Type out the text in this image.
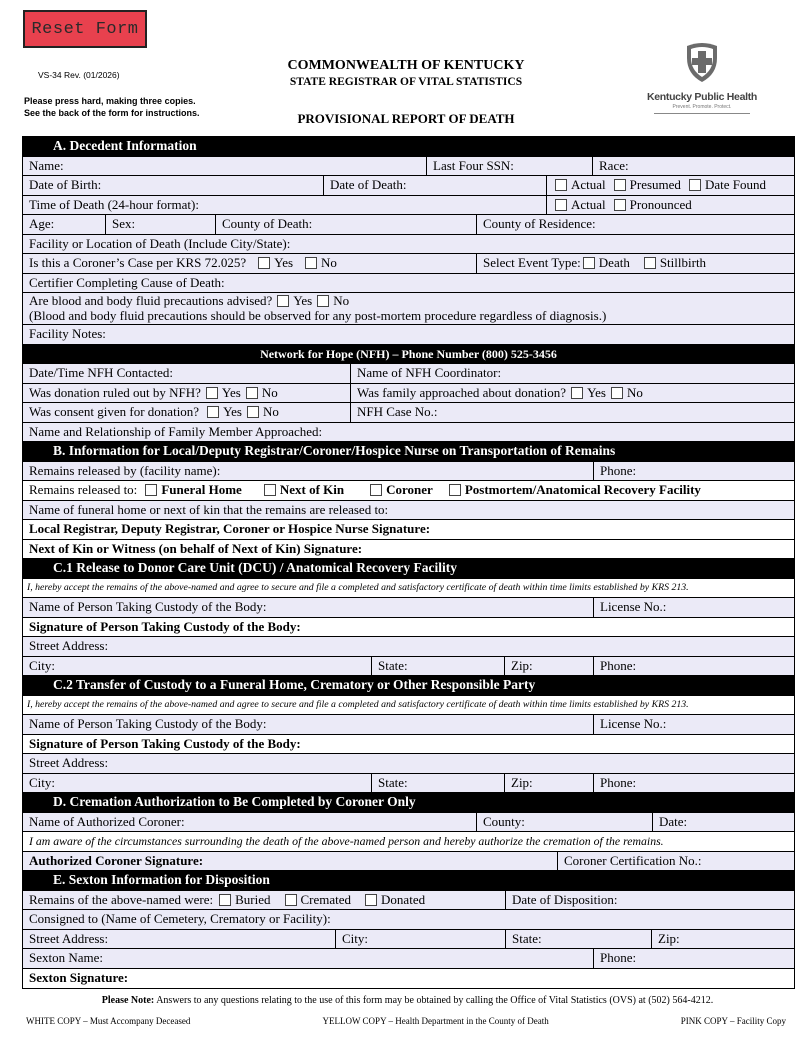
Reset Form
VS-34 Rev. (01/2026)
Please press hard, making three copies.
See the back of the form for instructions.
COMMONWEALTH OF KENTUCKY
STATE REGISTRAR OF VITAL STATISTICS
PROVISIONAL REPORT OF DEATH
Kentucky Public Health
Prevent. Promote. Protect.
A. Decedent Information
Name:	Last Four SSN:	Race:
Date of Birth:	Date of Death:	Actual Presumed Date Found
Time of Death (24-hour format):	Actual Pronounced
Age:	Sex:	County of Death:	County of Residence:
Facility or Location of Death (Include City/State):
Is this a Coroner’s Case per KRS 72.025? Yes No	Select Event Type: Death Stillbirth
Certifier Completing Cause of Death:
Are blood and body fluid precautions advised? Yes No
(Blood and body fluid precautions should be observed for any post-mortem procedure regardless of diagnosis.)
Facility Notes:
Network for Hope (NFH) – Phone Number (800) 525-3456
Date/Time NFH Contacted:	Name of NFH Coordinator:
Was donation ruled out by NFH? Yes No	Was family approached about donation? Yes No
Was consent given for donation? Yes No	NFH Case No.:
Name and Relationship of Family Member Approached:
B. Information for Local/Deputy Registrar/Coroner/Hospice Nurse on Transportation of Remains
Remains released by (facility name):	Phone:
Remains released to: Funeral Home	Next of Kin	Coroner Postmortem/Anatomical Recovery Facility
Name of funeral home or next of kin that the remains are released to:
Local Registrar, Deputy Registrar, Coroner or Hospice Nurse Signature:
Next of Kin or Witness (on behalf of Next of Kin) Signature:
C.1 Release to Donor Care Unit (DCU) / Anatomical Recovery Facility
I, hereby accept the remains of the above-named and agree to secure and file a completed and satisfactory certificate of death within time limits established by KRS 213.
Name of Person Taking Custody of the Body:	License No.:
Signature of Person Taking Custody of the Body:
Street Address:
City:	State:	Zip:	Phone:
C.2 Transfer of Custody to a Funeral Home, Crematory or Other Responsible Party
I, hereby accept the remains of the above-named and agree to secure and file a completed and satisfactory certificate of death within time limits established by KRS 213.
Name of Person Taking Custody of the Body:	License No.:
Signature of Person Taking Custody of the Body:
Street Address:
City:	State:	Zip:	Phone:
D. Cremation Authorization to Be Completed by Coroner Only
Name of Authorized Coroner:	County:	Date:
I am aware of the circumstances surrounding the death of the above-named person and hereby authorize the cremation of the remains.
Authorized Coroner Signature:	Coroner Certification No.:
E. Sexton Information for Disposition
Remains of the above-named were: Buried Cremated Donated	Date of Disposition:
Consigned to (Name of Cemetery, Crematory or Facility):
Street Address:	City:	State:	Zip:
Sexton Name:	Phone:
Sexton Signature:
Please Note: Answers to any questions relating to the use of this form may be obtained by calling the Office of Vital Statistics (OVS) at (502) 564-4212.
WHITE COPY – Must Accompany Deceased	YELLOW COPY – Health Department in the County of Death	PINK COPY – Facility Copy
